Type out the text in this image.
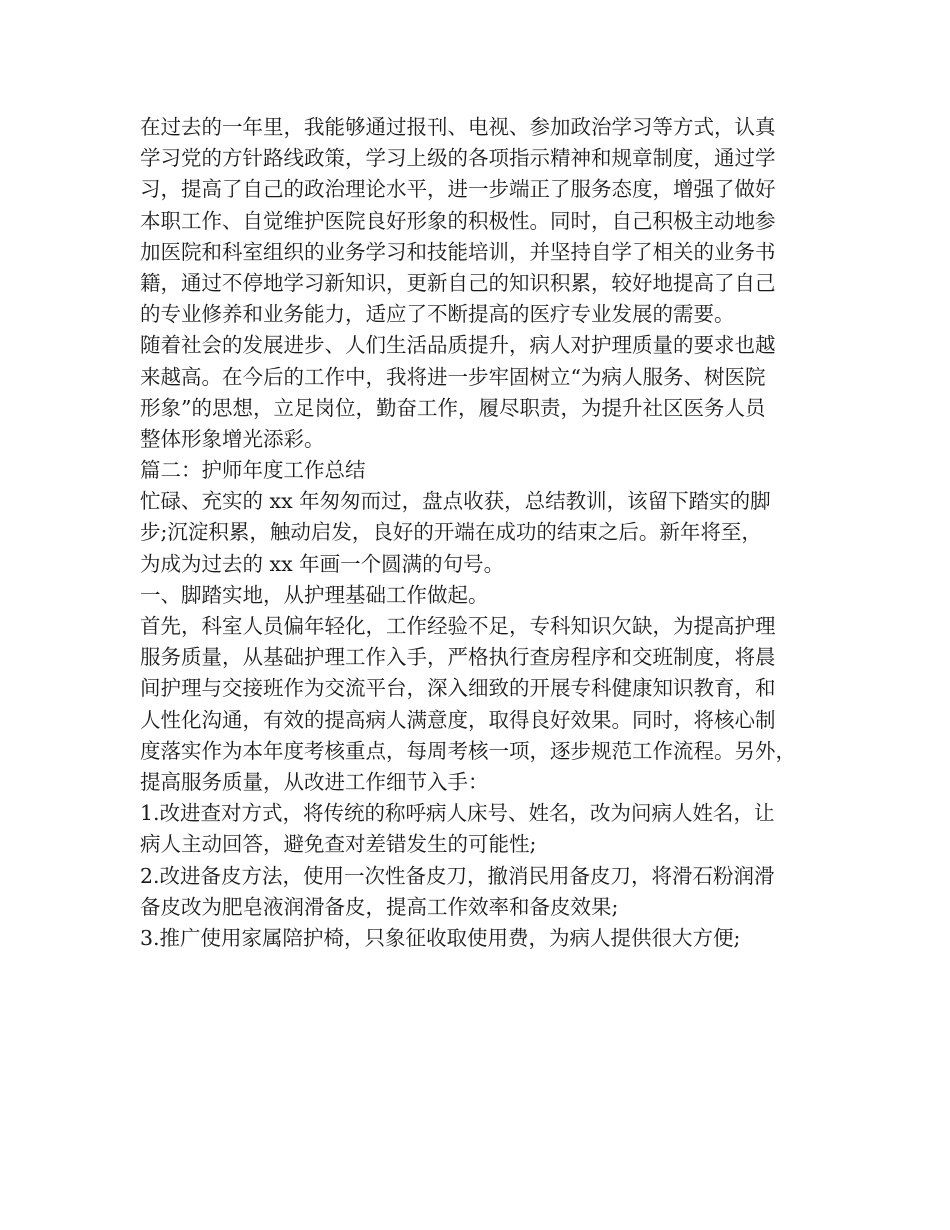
在过去的一年里，我能够通过报刊、电视、参加政治学习等方式，认真
学习党的方针路线政策，学习上级的各项指示精神和规章制度，通过学
习，提高了自己的政治理论水平，进一步端正了服务态度，增强了做好
本职工作、自觉维护医院良好形象的积极性。同时，自己积极主动地参
加医院和科室组织的业务学习和技能培训，并坚持自学了相关的业务书
籍，通过不停地学习新知识，更新自己的知识积累，较好地提高了自己
的专业修养和业务能力，适应了不断提高的医疗专业发展的需要。
随着社会的发展进步、人们生活品质提升，病人对护理质量的要求也越
来越高。在今后的工作中，我将进一步牢固树立“为病人服务、树医院
形象”的思想，立足岗位，勤奋工作，履尽职责，为提升社区医务人员
整体形象增光添彩。
篇二：护师年度工作总结
忙碌、充实的 xx 年匆匆而过，盘点收获，总结教训，该留下踏实的脚
步;沉淀积累，触动启发，良好的开端在成功的结束之后。新年将至，
为成为过去的 xx 年画一个圆满的句号。
一、脚踏实地，从护理基础工作做起。
首先，科室人员偏年轻化，工作经验不足，专科知识欠缺，为提高护理
服务质量，从基础护理工作入手，严格执行查房程序和交班制度，将晨
间护理与交接班作为交流平台，深入细致的开展专科健康知识教育，和
人性化沟通，有效的提高病人满意度，取得良好效果。同时，将核心制
度落实作为本年度考核重点，每周考核一项，逐步规范工作流程。另外，
提高服务质量，从改进工作细节入手：
1.改进查对方式，将传统的称呼病人床号、姓名，改为问病人姓名，让
病人主动回答，避免查对差错发生的可能性;
2.改进备皮方法，使用一次性备皮刀，撤消民用备皮刀，将滑石粉润滑
备皮改为肥皂液润滑备皮，提高工作效率和备皮效果;
3.推广使用家属陪护椅，只象征收取使用费，为病人提供很大方便;
